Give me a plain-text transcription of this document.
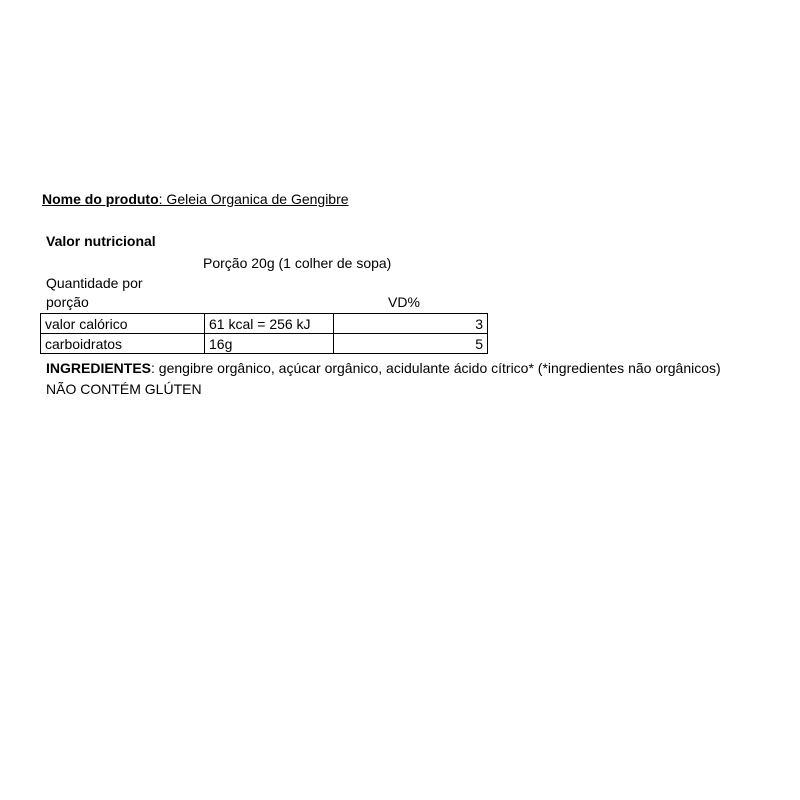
Nome do produto: Geleia Organica de Gengibre
Valor nutricional
Porção 20g (1 colher de sopa)
Quantidade por
porção	VD%
valor calórico	61 kcal = 256 kJ	3
carboidratos	16g	5
INGREDIENTES: gengibre orgânico, açúcar orgânico, acidulante ácido cítrico* (*ingredientes não orgânicos)
NÃO CONTÉM GLÚTEN
